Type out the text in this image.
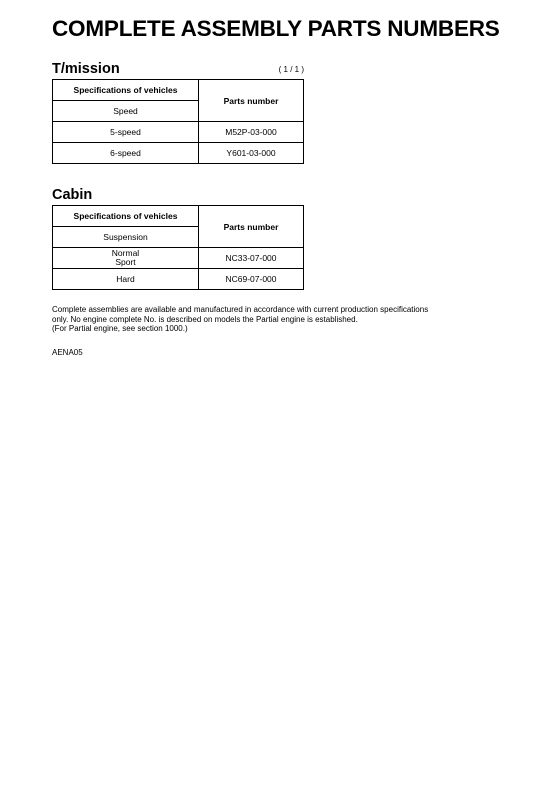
COMPLETE ASSEMBLY PARTS NUMBERS
T/mission	( 1 / 1 )
Specifications of vehicles	Parts number
Speed	
5-speed	M52P-03-000
6-speed	Y601-03-000
Cabin
Specifications of vehicles	Parts number
Suspension	

Normal
Sport	NC33-07-000
Hard	NC69-07-000
Complete assemblies are available and manufactured in accordance with current production specifications
only. No engine complete No. is described on models the Partial engine is established.
(For Partial engine, see section 1000.)
AENA05
